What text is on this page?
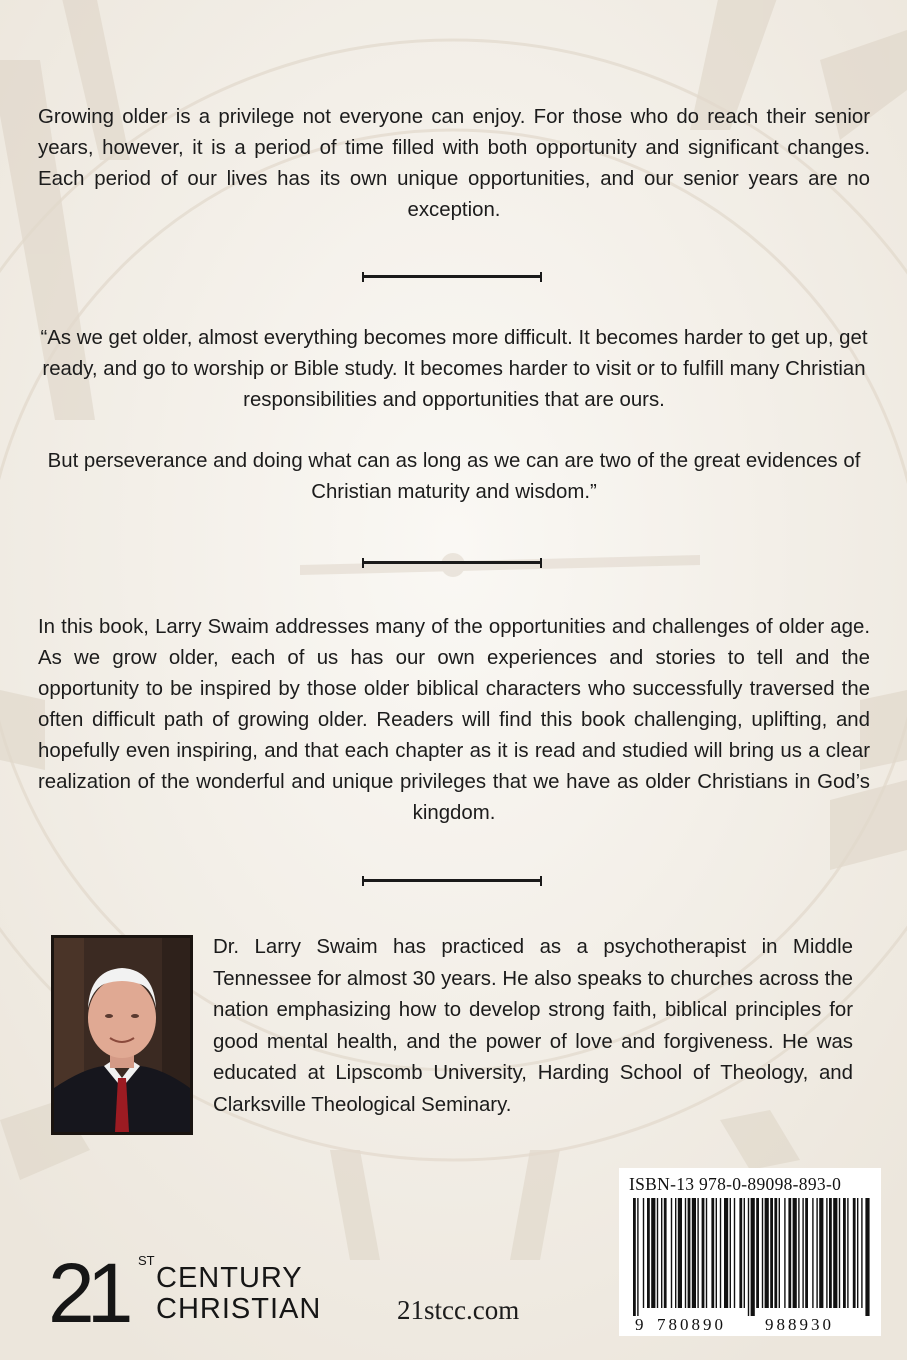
Growing older is a privilege not everyone can enjoy. For those who do reach their senior years, however, it is a period of time filled with both opportunity and significant changes. Each period of our lives has its own unique opportunities, and our senior years are no exception.

“As we get older, almost everything becomes more difficult. It becomes harder to get up, get ready, and go to worship or Bible study. It becomes harder to visit or to fulfill many Christian responsibilities and opportunities that are ours.

But perseverance and doing what can as long as we can are two of the great evidences of Christian maturity and wisdom.”

In this book, Larry Swaim addresses many of the opportunities and challenges of older age. As we grow older, each of us has our own experiences and stories to tell and the opportunity to be inspired by those older biblical characters who successfully traversed the often difficult path of growing older. Readers will find this book challenging, uplifting, and hopefully even inspiring, and that each chapter as it is read and studied will bring us a clear realization of the wonderful and unique privileges that we have as older Christians in God’s kingdom.

Dr. Larry Swaim has practiced as a psychotherapist in Middle Tennessee for almost 30 years. He also speaks to churches across the nation emphasizing how to develop strong faith, biblical principles for good mental health, and the power of love and forgiveness. He was educated at Lipscomb University, Harding School of Theology, and Clarksville Theological Seminary.

ISBN-13 978-0-89098-893-0
9 780890 988930
21 ST
CENTURY
CHRISTIAN	21stcc.com
